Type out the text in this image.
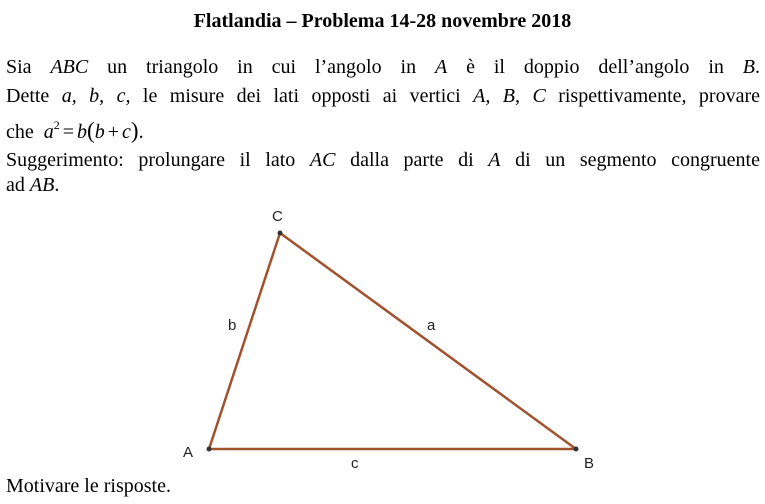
Flatlandia – Problema 14-28 novembre 2018
Sia ABC un triangolo in cui l’angolo in A è il doppio dell’angolo in B.
Dette a, b, c, le misure dei lati opposti ai vertici A, B, C rispettivamente, provare
che $a^2 = b(b + c)$.
Suggerimento: prolungare il lato AC dalla parte di A di un segmento congruente
ad AB.
C
A
B
b	a
c
Motivare le risposte.
